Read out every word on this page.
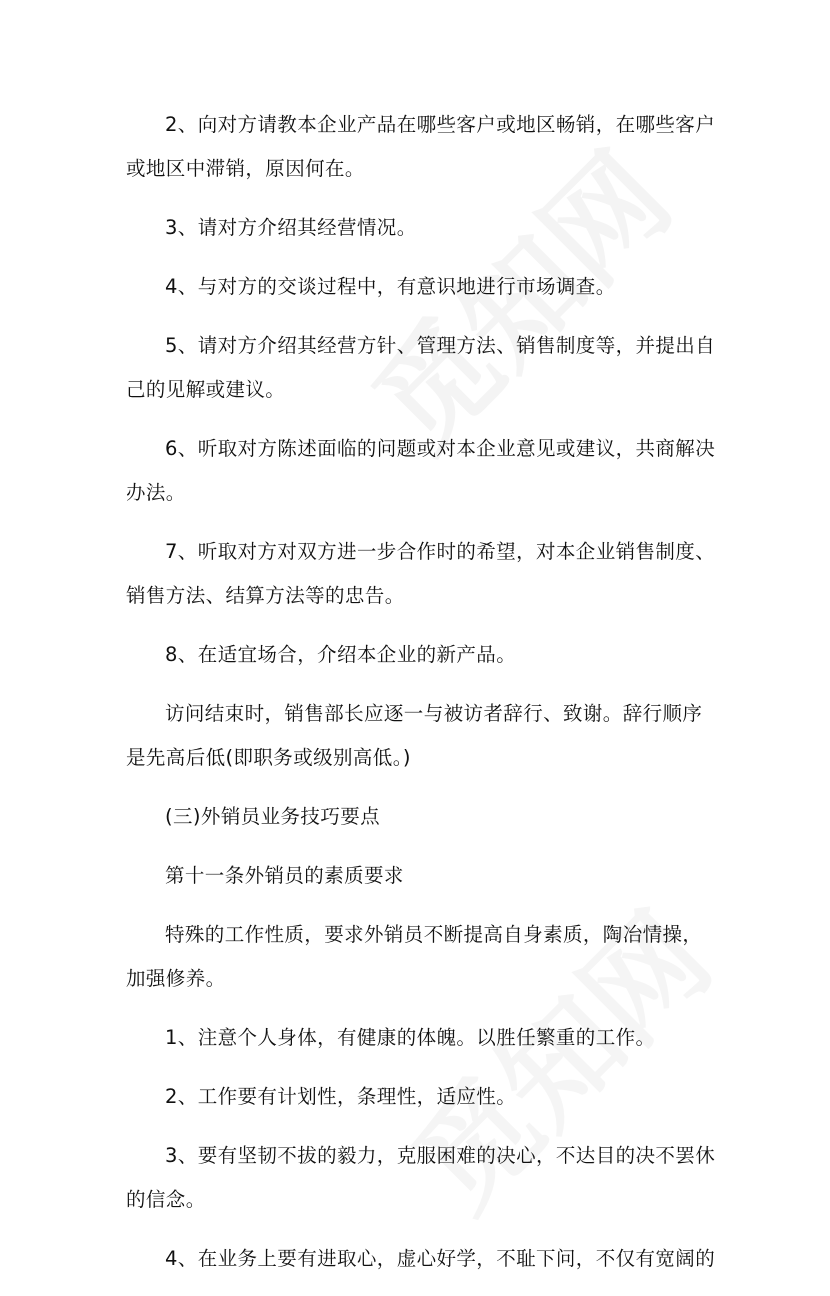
2、向对方请教本企业产品在哪些客户或地区畅销，在哪些客户或地区中滞销，原因何在。

3、请对方介绍其经营情况。

4、与对方的交谈过程中，有意识地进行市场调查。

5、请对方介绍其经营方针、管理方法、销售制度等，并提出自己的见解或建议。

6、听取对方陈述面临的问题或对本企业意见或建议，共商解决办法。

7、听取对方对双方进一步合作时的希望，对本企业销售制度、销售方法、结算方法等的忠告。

8、在适宜场合，介绍本企业的新产品。

访问结束时，销售部长应逐一与被访者辞行、致谢。辞行顺序是先高后低(即职务或级别高低。)

(三)外销员业务技巧要点

第十一条外销员的素质要求

特殊的工作性质，要求外销员不断提高自身素质，陶冶情操，加强修养。

1、注意个人身体，有健康的体魄。以胜任繁重的工作。

2、工作要有计划性，条理性，适应性。

3、要有坚韧不拔的毅力，克服困难的决心，不达目的决不罢休的信念。

4、在业务上要有进取心，虚心好学，不耻下问，不仅有宽阔的
